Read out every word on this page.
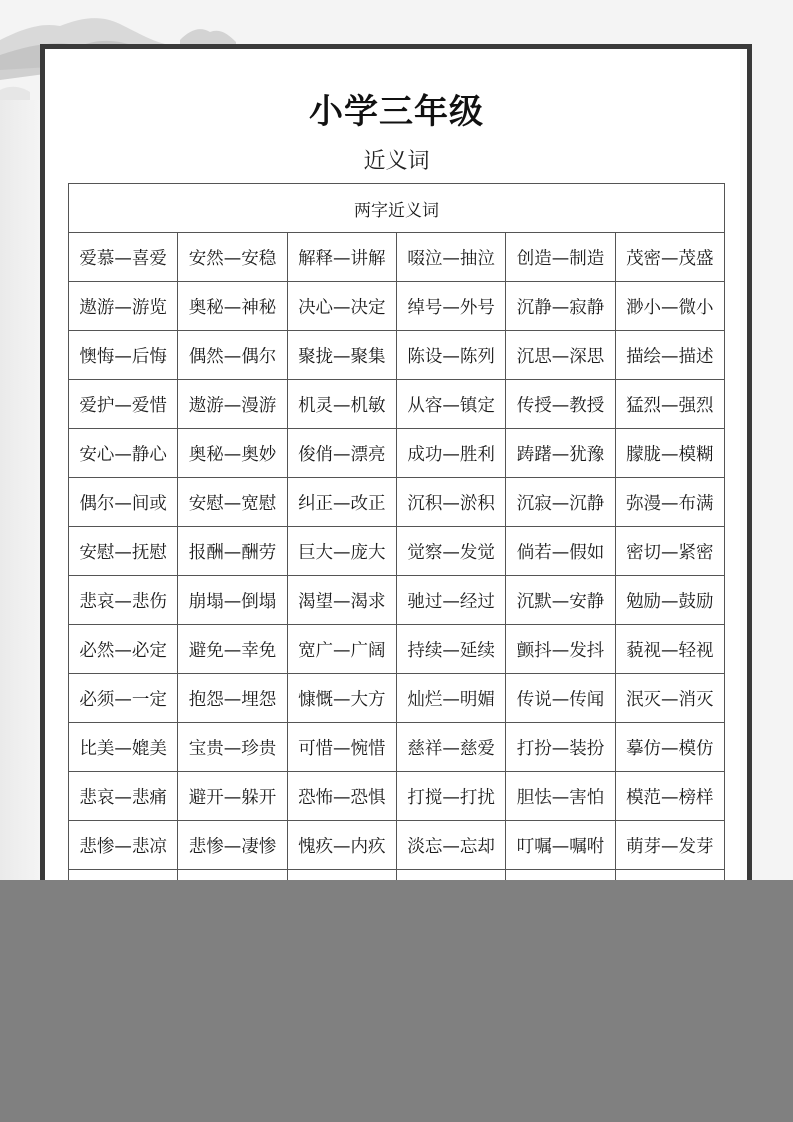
小学三年级
近义词
两字近义词					
爱慕—喜爱	安然—安稳	解释—讲解	啜泣—抽泣	创造—制造	茂密—茂盛
遨游—游览	奥秘—神秘	决心—决定	绰号—外号	沉静—寂静	渺小—微小
懊悔—后悔	偶然—偶尔	聚拢—聚集	陈设—陈列	沉思—深思	描绘—描述
爱护—爱惜	遨游—漫游	机灵—机敏	从容—镇定	传授—教授	猛烈—强烈
安心—静心	奥秘—奥妙	俊俏—漂亮	成功—胜利	踌躇—犹豫	朦胧—模糊
偶尔—间或	安慰—宽慰	纠正—改正	沉积—淤积	沉寂—沉静	弥漫—布满
安慰—抚慰	报酬—酬劳	巨大—庞大	觉察—发觉	倘若—假如	密切—紧密
悲哀—悲伤	崩塌—倒塌	渴望—渴求	驰过—经过	沉默—安静	勉励—鼓励
必然—必定	避免—幸免	宽广—广阔	持续—延续	颤抖—发抖	藐视—轻视
必须—一定	抱怨—埋怨	慷慨—大方	灿烂—明媚	传说—传闻	泯灭—消灭
比美—媲美	宝贵—珍贵	可惜—惋惜	慈祥—慈爱	打扮—装扮	摹仿—模仿
悲哀—悲痛	避开—躲开	恐怖—恐惧	打搅—打扰	胆怯—害怕	模范—榜样
悲惨—悲凉	悲惨—凄惨	愧疚—内疚	淡忘—忘却	叮嘱—嘱咐	萌芽—发芽
